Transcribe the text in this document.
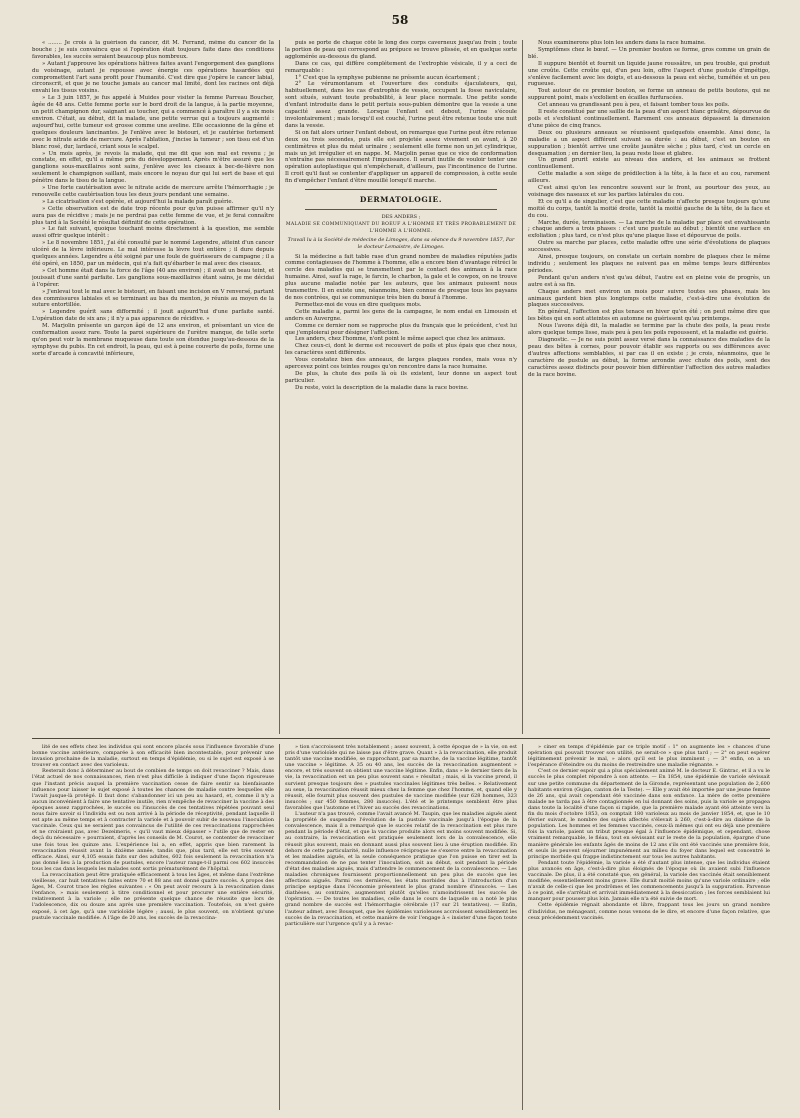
58

« ........ Je crois à la guérison du cancer, dit M. Ferrand, même du cancer de la bouche ; je suis convaincu que si l'opération était toujours faite dans des conditions favorables, les succès seraient beaucoup plus nombreux.

» Autant j'approuve les opérations hâtives faites avant l'engorgement des ganglions du voisinage, autant je repousse avec énergie ces opérations hasardées qui compromettent l'art sans profit pour l'humanité. C'est dire que j'opère le cancer labial, circonscrit, et que je ne touche jamais au cancer mal limité, dont les racines ont déjà envahi les tissus voisins.

» Le 3 juin 1857, je fus appelé à Muides pour visiter la femme Parreau Boucher, âgée de 48 ans. Cette femme porte sur le bord droit de la langue, à la partie moyenne, un petit champignon dur, saignant au toucher, qui a commencé à paraître il y a six mois environ. C'était, au début, dit la malade, une petite verrue qui a toujours augmenté : aujourd'hui, cette tumeur est grosse comme une aveline. Elle occasionne de la gêne et quelques douleurs lancinantes. Je l'enlève avec le bistouri, et je cautérise fortement avec le nitrate acide de mercure. Après l'ablation, j'incise la tumeur ; son tissu est d'un blanc rosé, dur, lardacé, criant sous le scalpel.

» Un mois après, je revois la malade, qui me dit que son mal est revenu ; je constate, en effet, qu'il a même pris du développement. Après m'être assuré que les ganglions sous-maxillaires sont sains, j'enlève avec les ciseaux à bec-de-lièvre non seulement le champignon saillant, mais encore le noyau dur qui lui sert de base et qui pénètre dans le tissu de la langue.

» Une forte cautérisation avec le nitrate acide de mercure arrête l'hémorrhagie ; je renouvelle cette cautérisation tous les deux jours pendant une semaine.

» La cicatrisation s'est opérée, et aujourd'hui la malade paraît guérie.

» Cette observation est de date trop récente pour qu'on puisse affirmer qu'il n'y aura pas de récidive ; mais je ne perdrai pas cette femme de vue, et je ferai connaître plus tard à la Société le résultat définitif de cette opération.

» Le fait suivant, quoique touchant moins directement à la question, me semble aussi offrir quelque intérêt :

» Le 8 novembre 1851, j'ai été consulté par le nommé Legendre, atteint d'un cancer ulcéré de la lèvre inférieure. Le mal intéresse la lèvre tout entière ; il dure depuis quelques années. Legendre a été soigné par une foule de guérisseurs de campagne ; il a été opéré, en 1850, par un médecin, qui n'a fait qu'ébarber le mal avec des ciseaux.

» Cet homme était dans la force de l'âge (40 ans environ) ; il avait un beau teint, et jouissait d'une santé parfaite. Les ganglions sous-maxillaires étant sains, je me décidai à l'opérer.

» J'enlevai tout le mal avec le bistouri, en faisant une incision en V renversé, partant des commissures labiales et se terminant au bas du menton, je réunis au moyen de la suture entortillée.

» Legendre guérit sans difformité ; il jouit aujourd'hui d'une parfaite santé. L'opération date de six ans ; il n'y a pas apparence de récidive. »

M. Marjolin présente un garçon âgé de 12 ans environ, et présentant un vice de conformation assez rare. Toute la paroi supérieure de l'urètre manque, de telle sorte qu'on peut voir la membrane muqueuse dans toute son étendue jusqu'au-dessous de la symphyse du pubis. En cet endroit, la peau, qui est à peine couverte de poils, forme une sorte d'arcade à concavité inférieure,

puis se porte de chaque côté le long des corps caverneux jusqu'au frein ; toute la portion de peau qui correspond au prépuce se trouve plissée, et en quelque sorte agglomérée au-dessous du gland.

Dans ce cas, qui diffère complétement de l'extrophie vésicale, il y a ceci de remarquable :

1° C'est que la symphyse pubienne ne présente aucun écartement ;

2° Le vérumontanum et l'ouverture des conduits éjaculateurs, qui, habituellement, dans les cas d'extrophie de vessie, occupent la fosse naviculaire, sont situés, suivant toute probabilité, à leur place normale. Une petite sonde d'enfant introduite dans le petit pertuis sous-pubien démontre que la vessie a une capacité assez grande. Lorsque l'enfant est debout, l'urine s'écoule involontairement ; mais lorsqu'il est couché, l'urine peut être retenue toute une nuit dans la vessie.

Si on fait alors uriner l'enfant debout, on remarque que l'urine peut être retenue deux ou trois secondes, puis elle est projetée assez vivement en avant, à 20 centimètres et plus du méat urinaire ; seulement elle forme non un jet cylindrique, mais un jet irrégulier et en nappe. M. Marjolin pense que ce vice de conformation n'entraîne pas nécessairement l'impuissance. Il serait inutile de vouloir tenter une opération autoplastique qui n'empêcherait, d'ailleurs, pas l'incontinence de l'urine. Il croit qu'il faut se contenter d'appliquer un appareil de compression, à cette seule fin d'empêcher l'enfant d'être mouillé lorsqu'il marche.

DERMATOLOGIE.

DES ANDERS ;

MALADIE SE COMMUNIQUANT DU BOEUF A L'HOMME ET TRÈS PROBABLEMENT DE L'HOMME A L'HOMME.

Travail lu à la Société de médecine de Limoges, dans sa séance du 9 novembre 1857, Par le docteur Lemaistre, de Limoges.

Si la médecine a fait table rase d'un grand nombre de maladies réputées jadis comme contagieuses de l'homme à l'homme, elle a encore bien d'avantage rétréci le cercle des maladies qui se transmettent par le contact des animaux à la race humaine. Ainsi, sauf la rage, le farcin, le charbon, la gale et le cowpox, on ne trouve plus aucune maladie notée par les auteurs, que les animaux puissent nous transmettre. Il en existe une, néanmoins, bien connue de presque tous les paysans de nos contrées, qui se communique très bien du bœuf à l'homme.

Permettez-moi de vous en dire quelques mots.

Cette maladie a, parmi les gens de la campagne, le nom endai en Limousin et anders en Auvergne.

Comme ce dernier nom se rapproche plus du français que le précédent, c'est lui que j'emploierai pour désigner l'affection.

Les anders, chez l'homme, n'ont point le même aspect que chez les animaux.

Chez ceux-ci, dont le derme est recouvert de poils et plus épais que chez nous, les caractères sont différents.

Vous constatez bien des anneaux, de larges plaques rondes, mais vous n'y apercevez point ces teintes rouges qu'on rencontre dans la race humaine.

De plus, la chute des poils là où ils existent, leur donne un aspect tout particulier.

Du reste, voici la description de la maladie dans la race bovine.

Nous examinerons plus loin les anders dans la race humaine.

Symptômes chez le bœuf. — Un premier bouton se forme, gros comme un grain de blé.

Il suppure bientôt et fournit un liquide jaune roussâtre, un peu trouble, qui produit une croûte. Cette croûte qui, d'un peu loin, offre l'aspect d'une pustule d'impétigo, s'enlève facilement avec les doigts, et au-dessous la peau est sèche, tuméfiée et un peu rugueuse.

Tout autour de ce premier bouton, se forme un anneau de petits boutons, qui ne suppurent point, mais s'exfolient en écailles furfuracées.

Cet anneau va grandissant peu à peu, et faisant tomber tous les poils.

Il reste constitué par une saillie de la peau d'un aspect blanc grisâtre, dépourvue de poils et s'exfoliant continuellement. Rarement ces anneaux dépassent la dimension d'une pièce de cinq francs.

Deux ou plusieurs anneaux se réunissent quelquefois ensemble. Ainsi donc, la maladie a un aspect différent suivant sa durée : au début, c'est un bouton en suppuration ; bientôt arrive une croûte jaunâtre sèche ; plus tard, c'est un cercle en desquamation ; en dernier lieu, la peau reste lisse et glabre.

Un grand prurit existe au niveau des anders, et les animaux se frottent continuellement.

Cette maladie a son siège de prédilection à la tête, à la face et au cou, rarement ailleurs.

C'est ainsi qu'on les rencontre souvent sur le front, au pourtour des yeux, au voisinage des naseaux et sur les parties latérales du cou.

Et ce qu'il a de singulier, c'est que cette maladie n'affecte presque toujours qu'une moitié du corps, tantôt la moitié droite, tantôt la moitié gauche de la tête, de la face et du cou.

Marche, durée, terminaison. — La marche de la maladie par place est envahissante ; chaque anders a trois phases : c'est une pustule au début ; bientôt une surface en exfoliation ; plus tard, ce n'est plus qu'une plaque lisse et dépourvue de poils.

Outre sa marche par places, cette maladie offre une série d'évolutions de plaques successives.

Ainsi, presque toujours, on constate un certain nombre de plaques chez le même individu ; seulement les plaques ne suivent pas en même temps leurs différentes périodes.

Pendant qu'un anders n'est qu'au début, l'autre est en pleine voie de progrès, un autre est à sa fin.

Chaque anders met environ un mois pour suivre toutes ses phases, mais les animaux gardent bien plus longtemps cette maladie, c'est-à-dire une évolution de plaques successives.

En général, l'affection est plus tenace en hiver qu'en été ; on peut même dire que les bêtes qui en sont atteintes en automne ne guérissent qu'au printemps.

Nous l'avons déjà dit, la maladie se termine par la chute des poils, la peau reste alors quelque temps lisse, mais peu à peu les poils repoussent, et la maladie est guérie.

Diagnostic. — Je ne suis point assez versé dans la connaissance des maladies de la peau des bêtes à cornes, pour pouvoir établir ses rapports ou ses différences avec d'autres affections semblables, si par cas il en existe ; je crois, néanmoins, que le caractère de pustule au début, la forme arrondie avec chute des poils, sont des caractères assez distincts pour pouvoir bien différentier l'affection des autres maladies de la race bovine.

lité de ses effets chez les individus qui sont encore placés sous l'influence favorable d'une bonne vaccine antérieure, comparée à son efficacité bien incontestable, pour prévenir une invasion prochaine de la maladie, surtout en temps d'épidémie, ou si le sujet est exposé à se trouver en contact avec des varioleux.

Resterait donc à déterminer au bout de combien de temps on doit revacciner ? Mais, dans l'état actuel de nos connaissances, rien n'est plus difficile à indiquer d'une façon rigoureuse que l'instant précis auquel la première vaccination cesse de faire sentir sa bienfaisante influence pour laisser le sujet exposé à toutes les chances de maladie contre lesquelles elle l'avait jusque-là protégé. Il faut donc s'abandonner ici un peu au hasard, et, comme il n'y a aucun inconvénient à faire une tentative inutile, rien n'empêche de revacciner la vaccine à des époques assez rapprochées, le succès ou l'insuccès de ces tentatives répétées pouvant seul nous faire savoir si l'individu est ou non arrivé à la période de réceptivité, pendant laquelle il est apte au même temps et à contracter la variole et à pouvoir subir de nouveau l'inoculation vaccinale. Ceux qui ne seraient pas convaincus de l'utilité de ces revaccinations rapprochées et ne croiraient pas, avec Dezeimeris, « qu'il vaut mieux dépasser » l'utile que de rester en deçà du nécessaire » pourraient, d'après les conseils de M. Courot, se contenter de revacciner une fois tous les quinze ans. L'expérience lui a, en effet, appris que bien rarement la revaccination réussit avant la dixième année, tandis que, plus tard, elle est très souvent efficace. Ainsi, sur 4,105 essais faits sur des adultes, 602 fois seulement la revaccination n'a pas donné lieu à la production de pustules, encore l'auteur range-t-il parmi ces 602 insuccès tous les cas dans lesquels les malades sont sortis prématurément de l'hôpital.

La revaccination peut être pratiquée efficacement à tous les âges, et même dans l'extrême vieillesse, car huit tentatives faites entre 70 et 88 ans ont donné quatre succès. A propos des âges, M. Courot trace les règles suivantes : « On peut avoir recours à la revaccination dans l'enfance, » mais seulement à titre conditionnel et pour procurer une entière sécurité, relativement à la variole ; elle ne présente quelque chance de réussite que lors de l'adolescence, dix ou douze ans après une première vaccination. Toutefois, on n'est guère exposé, à cet âge, qu'à une varioloïde légère ; aussi, le plus souvent, on n'obtient qu'une pustule vaccinale modifiée. A l'âge de 20 ans, les succès de la revaccina-

» tion s'accroissent très notablement ; assez souvent, à cette époque de » la vie, on est pris d'une varioloïde qui ne laisse pas d'être grave. Quant » à la revaccination, elle produit tantôt une vaccine modifiée, se rapprochant, par sa marche, de la vaccine légitime, tantôt une vaccine » légitime. A 35 ou 40 ans, les succès de la revaccination augmentent » encore, et très souvent on obtient une vaccine légitime. Enfin, dans » le dernier tiers de la vie, la revaccination est un peu plus souvent sans » résultat ; mais, si la vaccine prend, il survient presque toujours des » pustules vaccinales légitimes très belles. » Relativement au sexe, la revaccination réussit mieux chez la femme que chez l'homme, et, quand elle y réussit, elle fournit plus souvent des pustules de vaccine modifiée (sur 628 hommes, 323 insuccès ; sur 450 femmes, 280 insuccès). L'été et le printemps semblent être plus favorables que l'automne et l'hiver au succès des revaccinations.

L'auteur n'a pas trouvé, comme l'avait avancé M. Taupin, que les maladies aiguës aient la propriété de suspendre l'évolution de la pustule vaccinale jusqu'à l'époque de la convalescence, mais il a remarqué que le succès relatif de la revaccination est plus rare pendant la période d'état, et que la vaccine produite alors est moins souvent modifiée. Si, au contraire, la revaccination est pratiquée seulement lors de la convalescence, elle réussit plus souvent, mais en donnant aussi plus souvent lieu à une éruption modifiée. En dehors de cette particularité, nulle influence réciproque ne s'exerce entre la revaccination et les maladies aiguës, et la seule conséquence pratique que l'on puisse en tirer est la recommandation de ne pas tenter l'inoculation, soit au début, soit pendant la période d'état des maladies aiguës, mais d'attendre le commencement de la convalescence. — Les maladies chroniques fournissent proportionnellement un peu plus de succès que les affections aiguës. Parmi ces dernières, les états morbides dus à l'introduction d'un principe septique dans l'économie présentent le plus grand nombre d'insuccès. — Les diathèses, au contraire, augmentent plutôt qu'elles n'amoindrissent les succès de l'opération. — De toutes les maladies, celle dans le cours de laquelle on a noté le plus grand nombre de succès est l'hémorrhagie cérébrale (17 sur 21 tentatives). — Enfin, l'auteur admet, avec Bousquet, que les épidémies varioleuses accroissent sensiblement les succès de la revaccination, et cette manière de voir l'engage à « insister d'une façon toute particulière sur l'urgence qu'il y a à revac-

» ciner en temps d'épidémie par ce triple motif : 1° on augmente les » chances d'une opération qui pouvait trouver son utilité, ne serait-ce » que plus tard ; — 2° on peut espérer légitimement prévenir le mal, » alors qu'il est le plus imminent ; — 3° enfin, on a un l'espérance d'éteindre ou du moins de restreindre une maladie régnante. »

C'est ce dernier espoir qui a plus spécialement animé M. le docteur E. Gintrac, et il a vu le succès le plus complet répondre à son attente. — En 1854, une épidémie de variole sévissait sur une petite commune du département de la Gironde, représentant une population de 2,600 habitants environ (Gujan, canton de la Teste). — Elle y avait été importée par une jeune femme de 26 ans, qui avait cependant été vaccinée dans son enfance. La mère de cette première malade ne tarda pas à être contagionnée en lui donnant des soins, puis la variole se propagea dans toute la localité d'une façon si rapide, que la première malade ayant été atteinte vers la fin du mois d'octobre 1853, on comptait 180 varioleux au mois de janvier 1854, et, que le 10 février suivant, le nombre des sujets affectés s'élevait à 260, c'est-à-dire au dixième de la population. Les hommes et les femmes vaccinés, ceux-là mêmes qui ont eu déjà une première fois la variole, paient un tribut presque égal à l'influence épidémique, et cependant, chose vraiment remarquable, le fléau, tout en sévissant sur le reste de la population, épargne d'une manière générale les enfants âgés de moins de 12 ans s'ils ont été vaccinés une première fois, et seuls ils peuvent séjourner impunément au milieu du foyer dans lequel est concentré le principe morbide qui frappe indistinctement sur tous les autres habitants.

Pendant toute l'épidémie, la variole a été d'autant plus intense, que les individus étaient plus avancés en âge, c'est-à-dire plus éloignés de l'époque où ils avaient subi l'influence vaccinale. De plus, il a été constaté que, en général, la variole des vaccinés était sensiblement modifiée, essentiellement moins grave. Elle durait moitié moins qu'une variole ordinaire ; elle n'avait de celle-ci que les prodrômes et les commencements jusqu'à la suppuration. Parvenue à ce point, elle s'arrêtait et arrivait immédiatement à la dessiccation ; les forces semblaient lui manquer pour pousser plus loin. Jamais elle n'a été suivie de mort.

Cette épidémie régnait abondante et libre, frappant tous les jours un grand nombre d'individus, ne ménageant, comme nous venons de le dire, et encore d'une façon relative, que ceux précédemment vaccinés.
